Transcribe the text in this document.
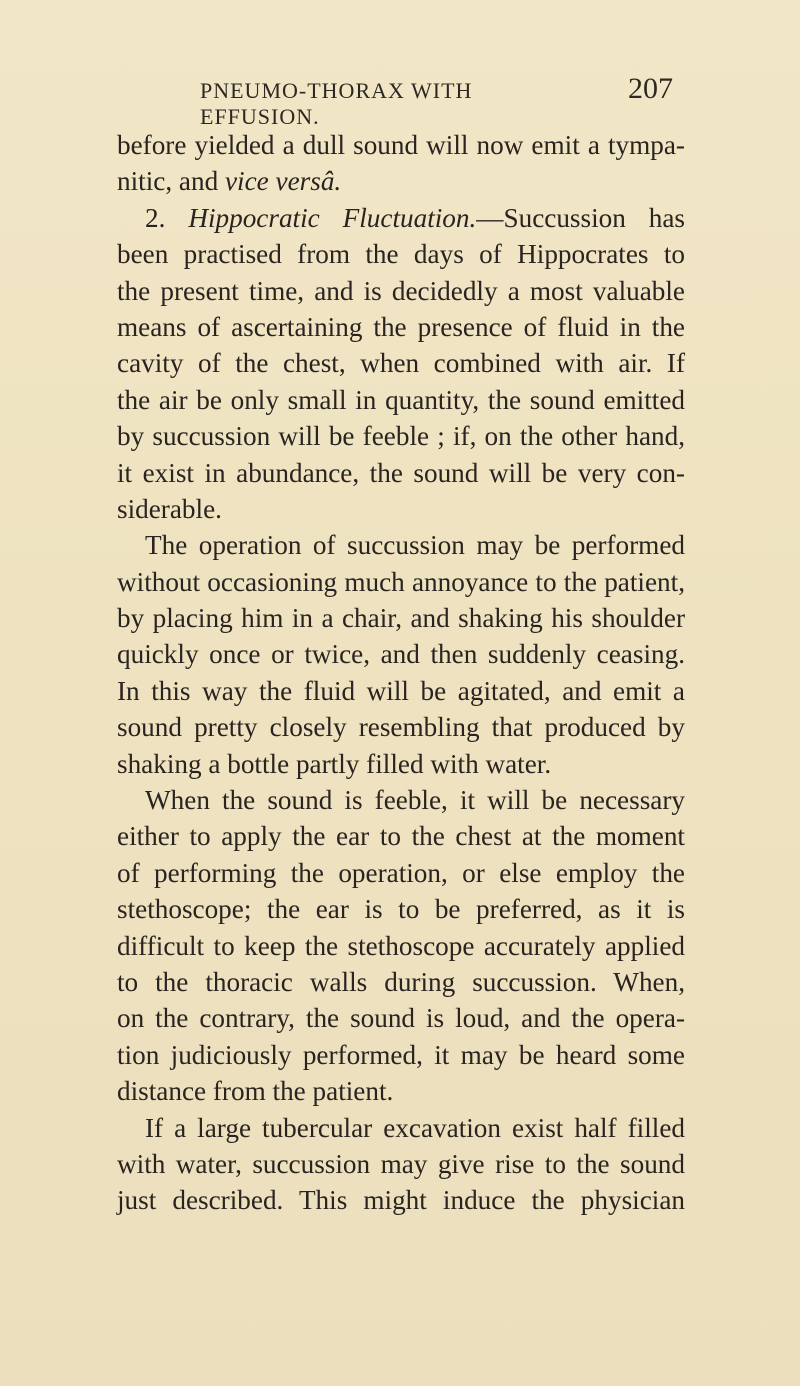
PNEUMO-THORAX WITH EFFUSION.
207
before yielded a dull sound will now emit a tympa-
nitic, and vice versâ.
2. Hippocratic Fluctuation.—Succussion has
been practised from the days of Hippocrates to
the present time, and is decidedly a most valuable
means of ascertaining the presence of fluid in the
cavity of the chest, when combined with air. If
the air be only small in quantity, the sound emitted
by succussion will be feeble ; if, on the other hand,
it exist in abundance, the sound will be very con-
siderable.
The operation of succussion may be performed
without occasioning much annoyance to the patient,
by placing him in a chair, and shaking his shoulder
quickly once or twice, and then suddenly ceasing.
In this way the fluid will be agitated, and emit a
sound pretty closely resembling that produced by
shaking a bottle partly filled with water.
When the sound is feeble, it will be necessary
either to apply the ear to the chest at the moment
of performing the operation, or else employ the
stethoscope; the ear is to be preferred, as it is
difficult to keep the stethoscope accurately applied
to the thoracic walls during succussion. When,
on the contrary, the sound is loud, and the opera-
tion judiciously performed, it may be heard some
distance from the patient.
If a large tubercular excavation exist half filled
with water, succussion may give rise to the sound
just described. This might induce the physician
